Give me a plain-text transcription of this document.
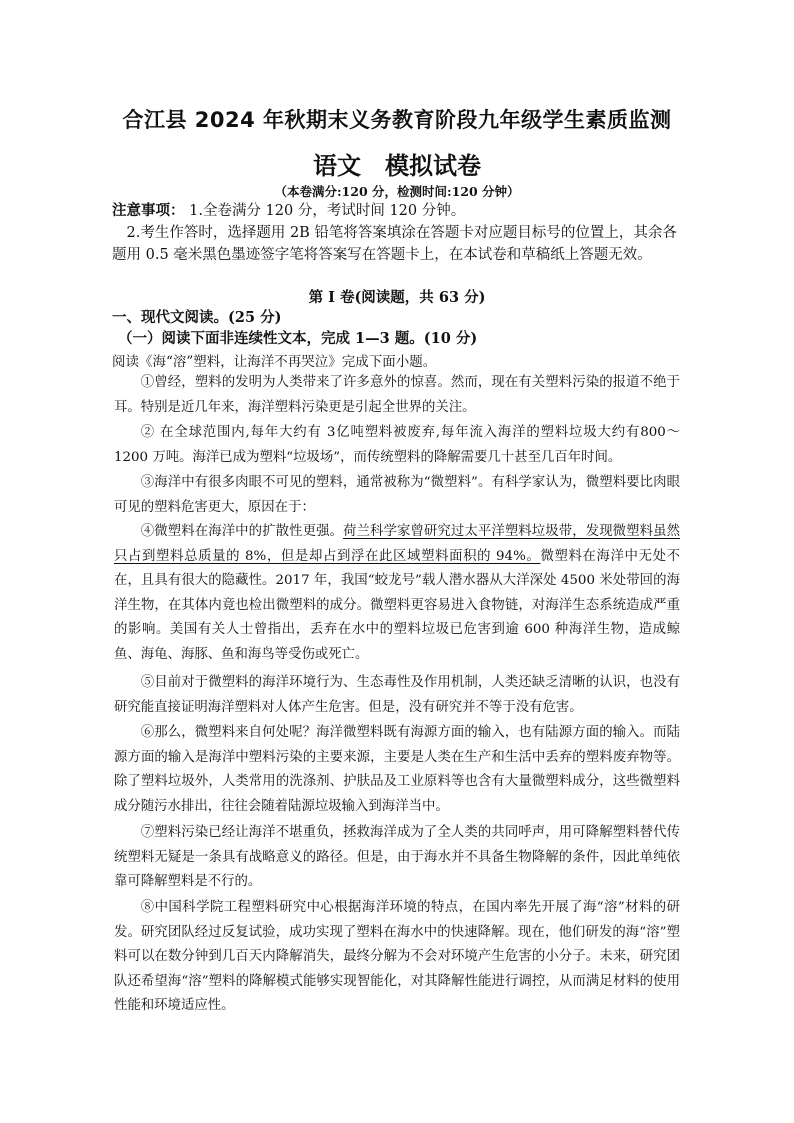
合江县 2024 年秋期末义务教育阶段九年级学生素质监测
语文　模拟试卷
（本卷满分:120 分，检测时间:120 分钟）
注意事项： 1.全卷满分 120 分，考试时间 120 分钟。
2.考生作答时，选择题用 2B 铅笔将答案填涂在答题卡对应题目标号的位置上，其余各题用 0.5 毫米黑色墨迹签字笔将答案写在答题卡上，在本试卷和草稿纸上答题无效。
第 I 卷(阅读题，共 63 分)
一、现代文阅读。(25 分)
（一）阅读下面非连续性文本，完成 1—3 题。(10 分)
阅读《海“溶”塑料，让海洋不再哭泣》完成下面小题。
①曾经，塑料的发明为人类带来了许多意外的惊喜。然而，现在有关塑料污染的报道不绝于耳。特别是近几年来，海洋塑料污染更是引起全世界的关注。
② 在全球范围内,每年大约有 3亿吨塑料被废弃,每年流入海洋的塑料垃圾大约有800～1200 万吨。海洋已成为塑料“垃圾场”，而传统塑料的降解需要几十甚至几百年时间。
③海洋中有很多肉眼不可见的塑料，通常被称为“微塑料”。有科学家认为，微塑料要比肉眼可见的塑料危害更大，原因在于：
④微塑料在海洋中的扩散性更强。荷兰科学家曾研究过太平洋塑料垃圾带，发现微塑料虽然只占到塑料总质量的 8%，但是却占到浮在此区域塑料面积的 94%。微塑料在海洋中无处不在，且具有很大的隐藏性。2017 年，我国“蛟龙号”载人潜水器从大洋深处 4500 米处带回的海洋生物，在其体内竟也检出微塑料的成分。微塑料更容易进入食物链，对海洋生态系统造成严重的影响。美国有关人士曾指出，丢弃在水中的塑料垃圾已危害到逾 600 种海洋生物，造成鲸鱼、海龟、海豚、鱼和海鸟等受伤或死亡。
⑤目前对于微塑料的海洋环境行为、生态毒性及作用机制，人类还缺乏清晰的认识，也没有研究能直接证明海洋塑料对人体产生危害。但是，没有研究并不等于没有危害。
⑥那么，微塑料来自何处呢？海洋微塑料既有海源方面的输入，也有陆源方面的输入。而陆源方面的输入是海洋中塑料污染的主要来源，主要是人类在生产和生活中丢弃的塑料废弃物等。除了塑料垃圾外，人类常用的洗涤剂、护肤品及工业原料等也含有大量微塑料成分，这些微塑料成分随污水排出，往往会随着陆源垃圾输入到海洋当中。
⑦塑料污染已经让海洋不堪重负，拯救海洋成为了全人类的共同呼声，用可降解塑料替代传统塑料无疑是一条具有战略意义的路径。但是，由于海水并不具备生物降解的条件，因此单纯依靠可降解塑料是不行的。
⑧中国科学院工程塑料研究中心根据海洋环境的特点，在国内率先开展了海“溶”材料的研发。研究团队经过反复试验，成功实现了塑料在海水中的快速降解。现在，他们研发的海“溶”塑料可以在数分钟到几百天内降解消失，最终分解为不会对环境产生危害的小分子。未来，研究团队还希望海“溶”塑料的降解模式能够实现智能化，对其降解性能进行调控，从而满足材料的使用性能和环境适应性。
